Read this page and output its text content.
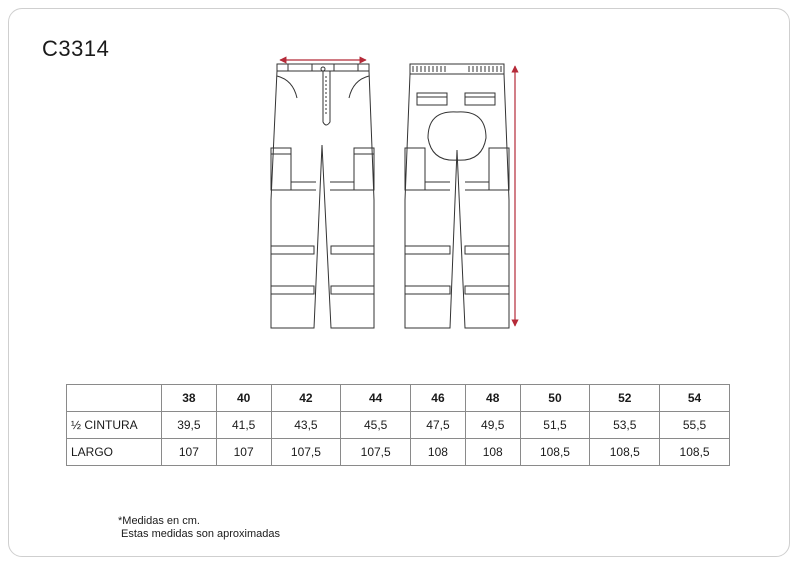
C3314
	38	40	42	44	46	48	50	52	54
½ CINTURA	39,5	41,5	43,5	45,5	47,5	49,5	51,5	53,5	55,5
LARGO	107	107	107,5	107,5	108	108	108,5	108,5	108,5
*Medidas en cm.
Estas medidas son aproximadas
